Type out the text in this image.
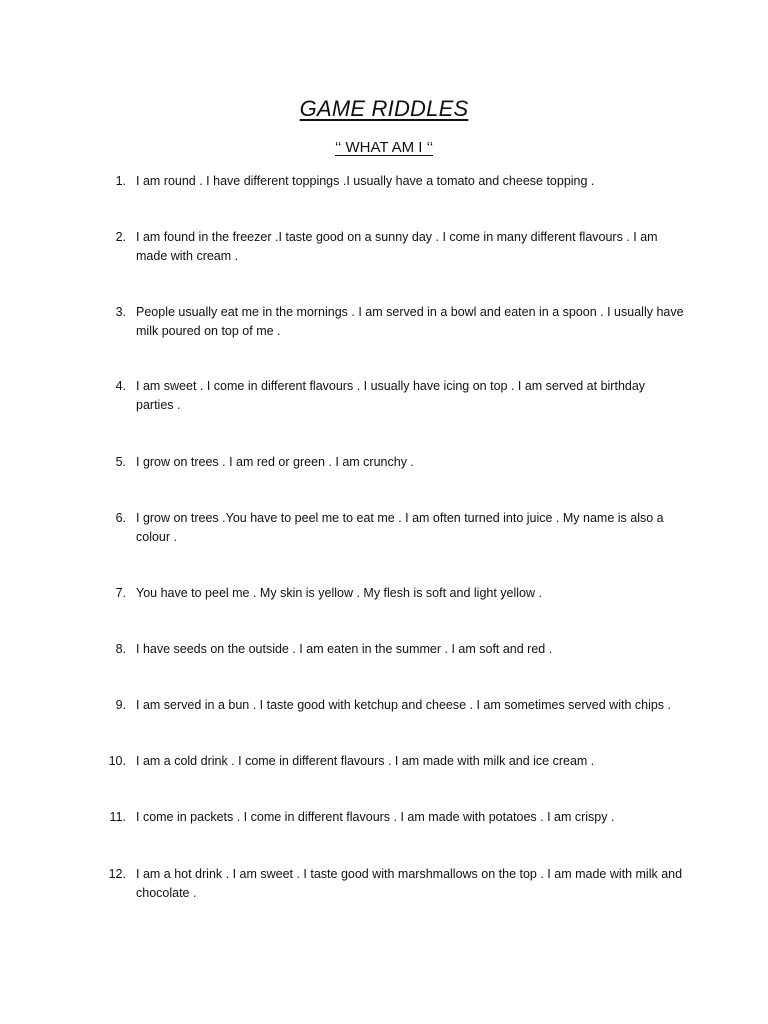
GAME RIDDLES
‘‘ WHAT AM I ‘‘
1. I am round . I have different toppings .I usually have a tomato and cheese topping .
2. I am found in the freezer .I taste good on a sunny day . I come in many different flavours . I am made with cream .
3. People usually eat me in the mornings . I am served in a bowl and eaten in a spoon . I usually have milk poured on top of me .
4. I am sweet . I come in different flavours . I usually have icing on top . I am served at birthday parties .
5. I grow on trees . I am red or green . I am crunchy .
6. I grow on trees .You have to peel me to eat me . I am often turned into juice . My name is also a colour .
7. You have to peel me . My skin is yellow . My flesh is soft and light yellow .
8. I have seeds on the outside . I am eaten in the summer . I am soft and red .
9. I am served in a bun . I taste good with ketchup and cheese . I am sometimes served with chips .
10. I am a cold drink . I come in different flavours . I am made with milk and ice cream .
11. I come in packets . I come in different flavours . I am made with potatoes . I am crispy .
12. I am a hot drink . I am sweet . I taste good with marshmallows on the top . I am made with milk and chocolate .
